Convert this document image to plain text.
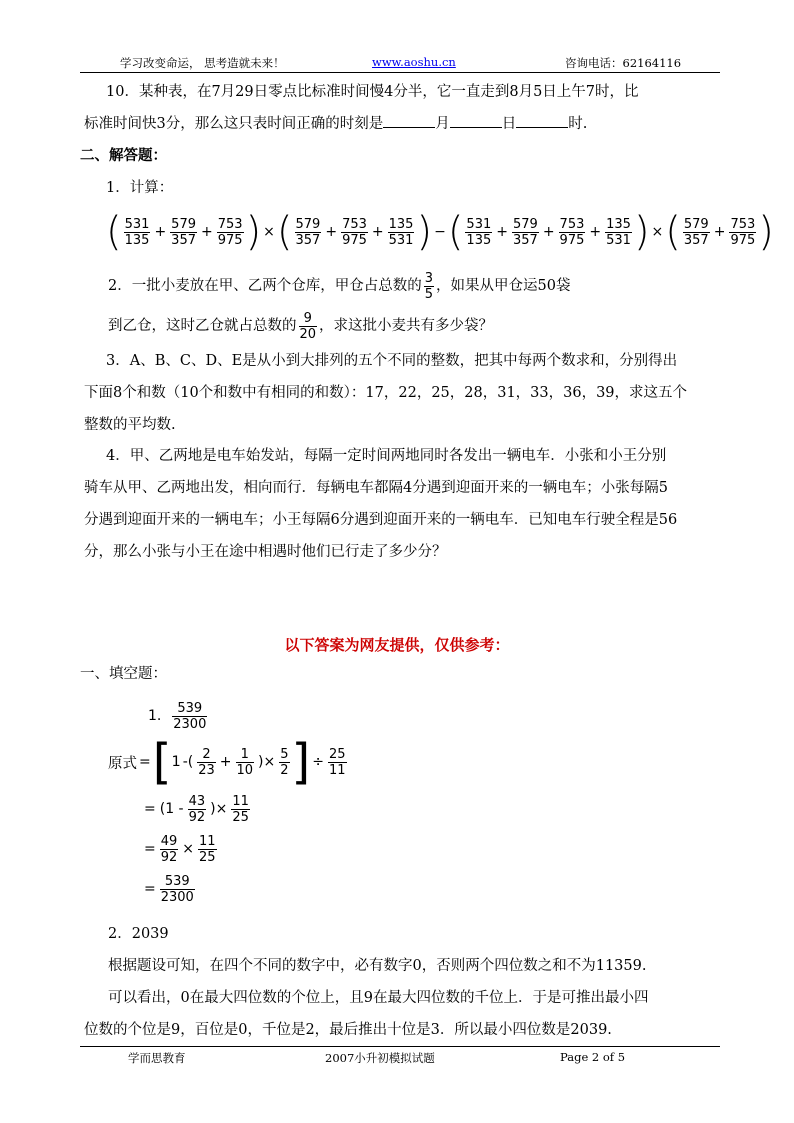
学习改变命运， 思考造就未来！	www.aoshu.cn	咨询电话：62164116
10．某种表，在7月29日零点比标准时间慢4分半，它一直走到8月5日上午7时，比
标准时间快3分，那么这只表时间正确的时刻是	月	日	时.
二、解答题：
1．计算：
( $\frac{531}{135} + \frac{579}{357} + \frac{753}{975}$ ) × ( $\frac{579}{357} + \frac{753}{975} + \frac{135}{531}$ ) − ( $\frac{531}{135} + \frac{579}{357} + \frac{753}{975} + \frac{135}{531}$ ) × ( $\frac{579}{357} + \frac{753}{975}$ )
2．一批小麦放在甲、乙两个仓库，甲仓占总数的 $\frac{3}{5}$ ，如果从甲仓运50袋
到乙仓，这时乙仓就占总数的 $\frac{9}{20}$ ，求这批小麦共有多少袋？
3．A、B、C、D、E是从小到大排列的五个不同的整数，把其中每两个数求和，分别得出
下面8个和数（10个和数中有相同的和数）：17，22，25，28，31，33，36，39，求这五个
整数的平均数.
4．甲、乙两地是电车始发站，每隔一定时间两地同时各发出一辆电车．小张和小王分别
骑车从甲、乙两地出发，相向而行．每辆电车都隔4分遇到迎面开来的一辆电车；小张每隔5
分遇到迎面开来的一辆电车；小王每隔6分遇到迎面开来的一辆电车．已知电车行驶全程是56
分，那么小张与小王在途中相遇时他们已行走了多少分？
以下答案为网友提供，仅供参考：
一、填空题：
1.
$\frac{539}{2300}$
原式 = [ 1 -( $\frac{2}{23} + \frac{1}{10}$ )× $\frac{5}{2}$ ] ÷ $\frac{25}{11}$
= ($1 - \frac{43}{92}$ )× $\frac{11}{25}$
= $\frac{49}{92} \times \frac{11}{25}$
= $\frac{539}{2300}$
2．2039
根据题设可知，在四个不同的数字中，必有数字0，否则两个四位数之和不为11359.
可以看出，0在最大四位数的个位上，且9在最大四位数的千位上．于是可推出最小四
位数的个位是9，百位是0，千位是2，最后推出十位是3．所以最小四位数是2039.
学而思教育	2007小升初模拟试题	Page 2 of 5
